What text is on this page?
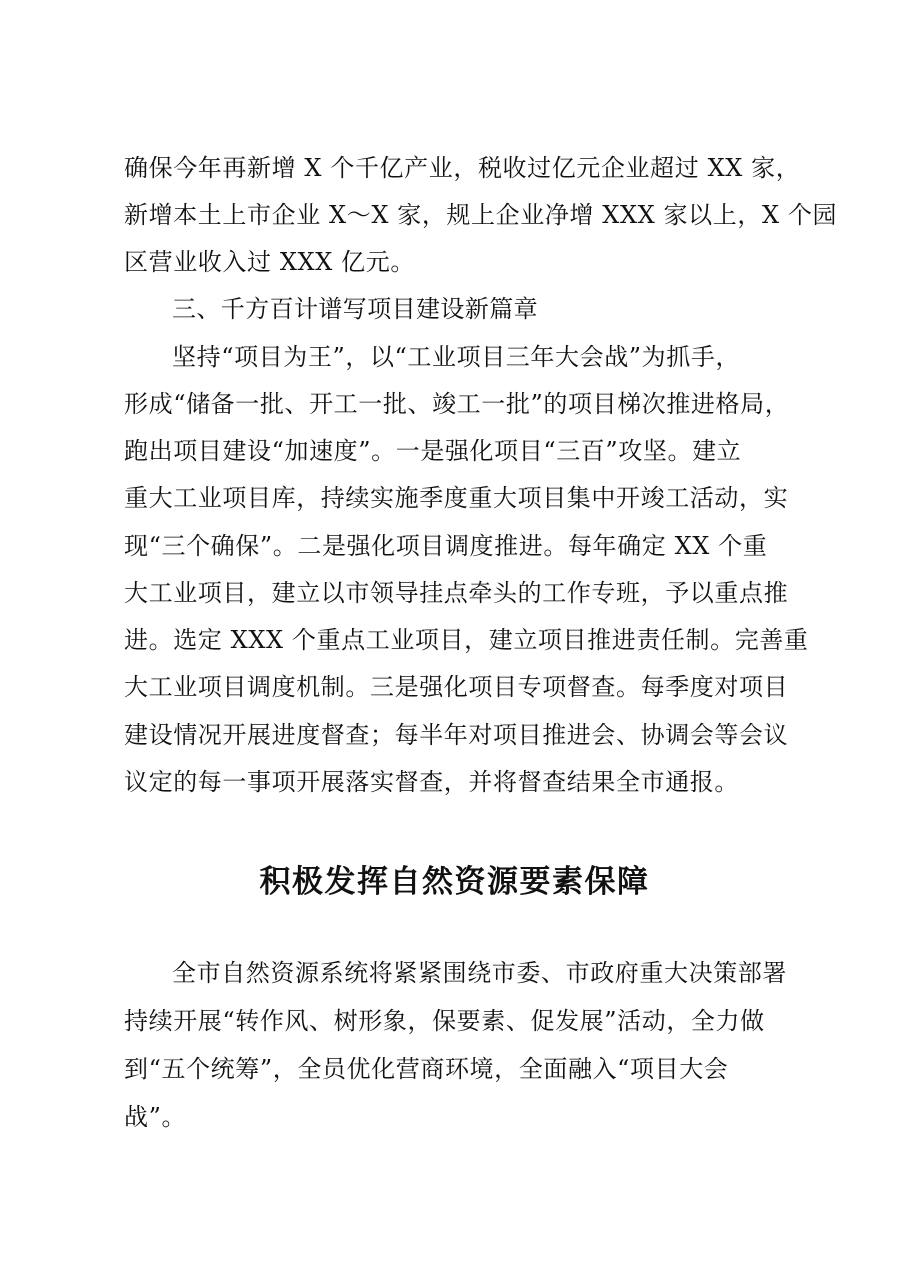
确保今年再新增 X 个千亿产业，税收过亿元企业超过 XX 家，

新增本土上市企业 X～X 家，规上企业净增 XXX 家以上，X 个园

区营业收入过 XXX 亿元。

三、千方百计谱写项目建设新篇章

坚持“项目为王”，以“工业项目三年大会战”为抓手，

形成“储备一批、开工一批、竣工一批”的项目梯次推进格局，

跑出项目建设“加速度”。一是强化项目“三百”攻坚。建立

重大工业项目库，持续实施季度重大项目集中开竣工活动，实

现“三个确保”。二是强化项目调度推进。每年确定 XX 个重

大工业项目，建立以市领导挂点牵头的工作专班，予以重点推

进。选定 XXX 个重点工业项目，建立项目推进责任制。完善重

大工业项目调度机制。三是强化项目专项督查。每季度对项目

建设情况开展进度督查；每半年对项目推进会、协调会等会议

议定的每一事项开展落实督查，并将督查结果全市通报。

积极发挥自然资源要素保障

全市自然资源系统将紧紧围绕市委、市政府重大决策部署

持续开展“转作风、树形象，保要素、促发展”活动，全力做

到“五个统筹”，全员优化营商环境，全面融入“项目大会

战”。
